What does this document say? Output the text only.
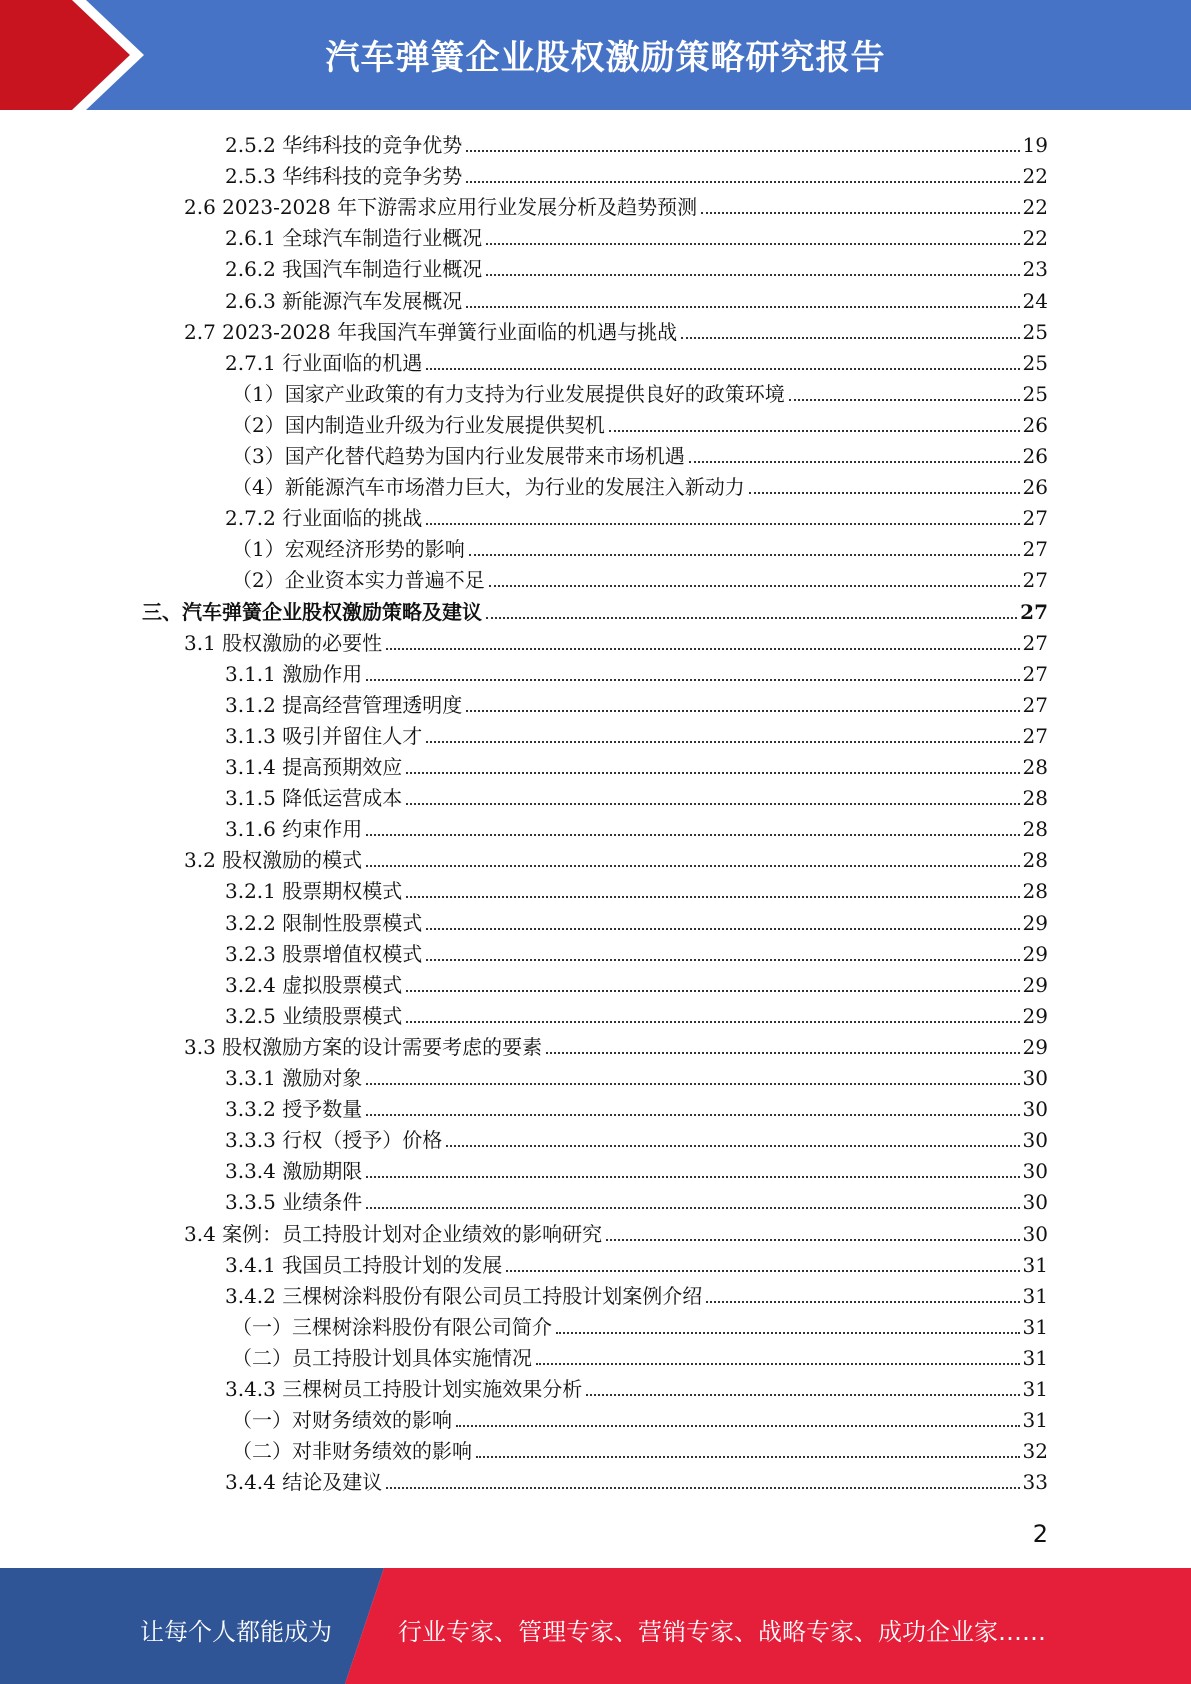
汽车弹簧企业股权激励策略研究报告
2.5.2 华纬科技的竞争优势	19
2.5.3 华纬科技的竞争劣势	22
2.6 2023-2028 年下游需求应用行业发展分析及趋势预测	22
2.6.1 全球汽车制造行业概况	22
2.6.2 我国汽车制造行业概况	23
2.6.3 新能源汽车发展概况	24
2.7 2023-2028 年我国汽车弹簧行业面临的机遇与挑战	25
2.7.1 行业面临的机遇	25
（1）国家产业政策的有力支持为行业发展提供良好的政策环境	25
（2）国内制造业升级为行业发展提供契机	26
（3）国产化替代趋势为国内行业发展带来市场机遇	26
（4）新能源汽车市场潜力巨大，为行业的发展注入新动力	26
2.7.2 行业面临的挑战	27
（1）宏观经济形势的影响	27
（2）企业资本实力普遍不足	27
三、汽车弹簧企业股权激励策略及建议	27
3.1 股权激励的必要性	27
3.1.1 激励作用	27
3.1.2 提高经营管理透明度	27
3.1.3 吸引并留住人才	27
3.1.4 提高预期效应	28
3.1.5 降低运营成本	28
3.1.6 约束作用	28
3.2 股权激励的模式	28
3.2.1 股票期权模式	28
3.2.2 限制性股票模式	29
3.2.3 股票增值权模式	29
3.2.4 虚拟股票模式	29
3.2.5 业绩股票模式	29
3.3 股权激励方案的设计需要考虑的要素	29
3.3.1 激励对象	30
3.3.2 授予数量	30
3.3.3 行权（授予）价格	30
3.3.4 激励期限	30
3.3.5 业绩条件	30
3.4 案例：员工持股计划对企业绩效的影响研究	30
3.4.1 我国员工持股计划的发展	31
3.4.2 三棵树涂料股份有限公司员工持股计划案例介绍	31
（一）三棵树涂料股份有限公司简介	31
（二）员工持股计划具体实施情况	31
3.4.3 三棵树员工持股计划实施效果分析	31
（一）对财务绩效的影响	31
（二）对非财务绩效的影响	32
3.4.4 结论及建议	33
2
让每个人都能成为	行业专家、管理专家、营销专家、战略专家、成功企业家……
